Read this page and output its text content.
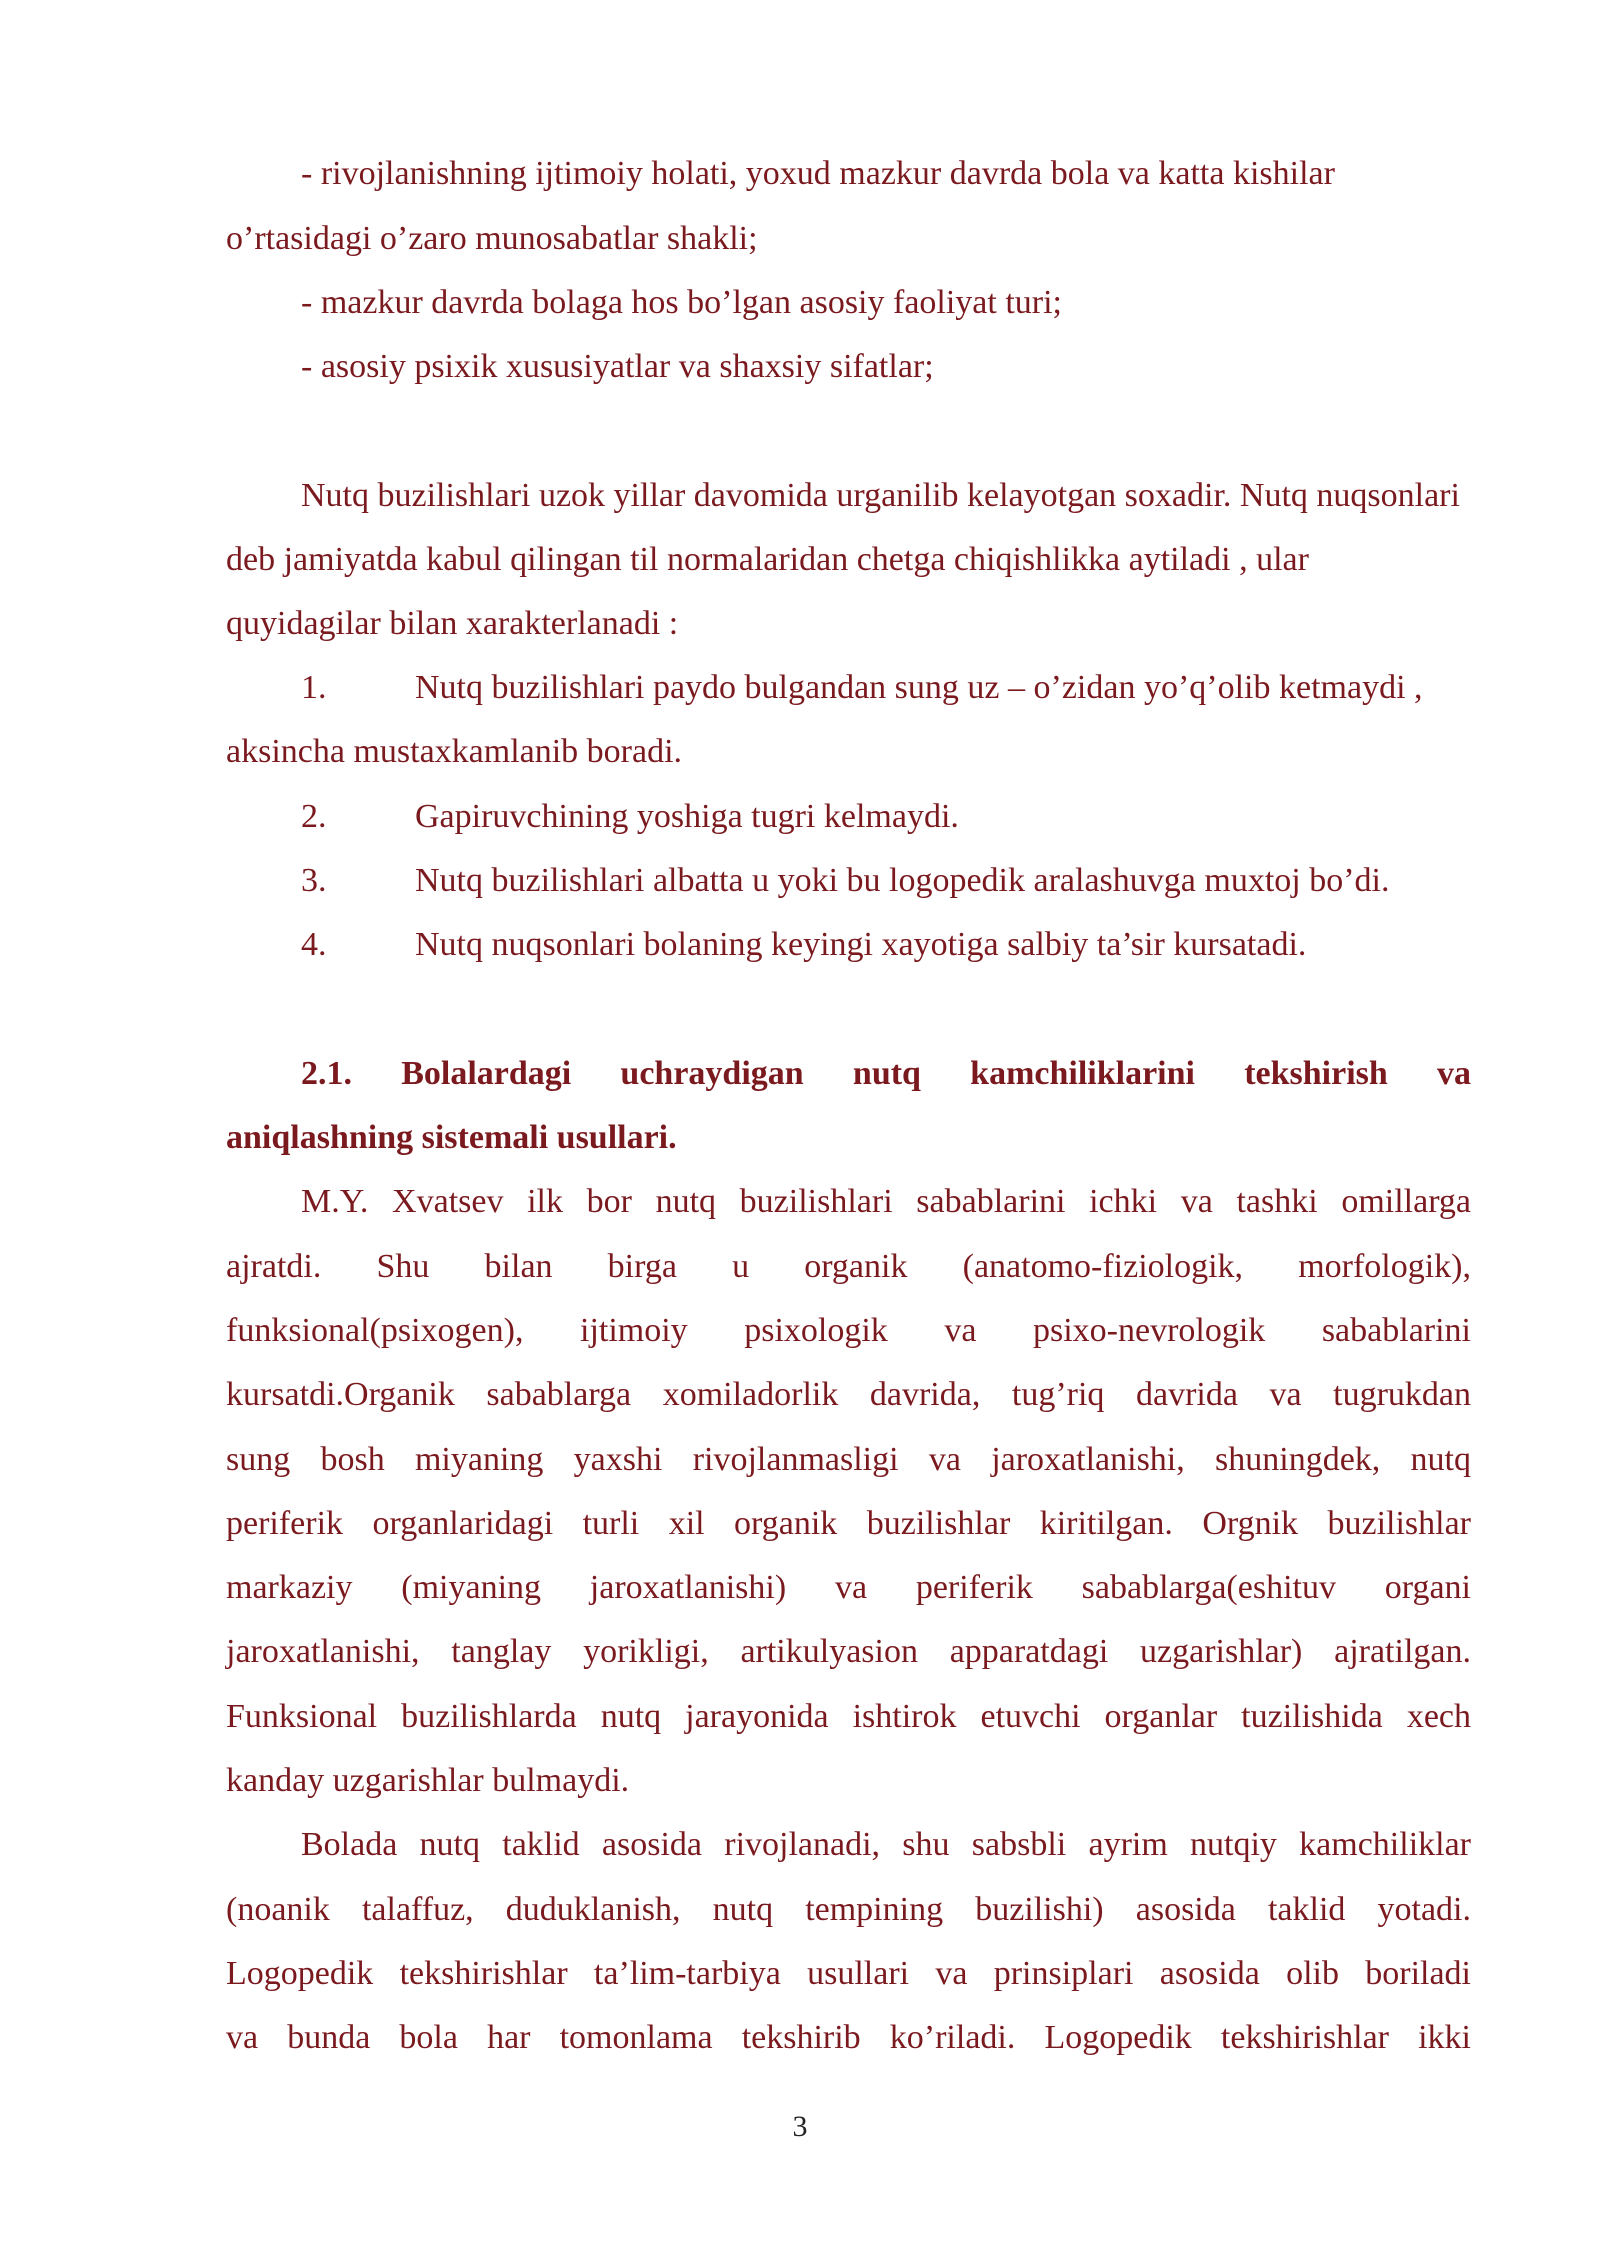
- rivojlanishning ijtimoiy holati, yoxud mazkur davrda bola va katta kishilar
o’rtasidagi o’zaro munosabatlar shakli;
- mazkur davrda bolaga hos bo’lgan asosiy faoliyat turi;
- asosiy psixik xususiyatlar va shaxsiy sifatlar;
Nutq buzilishlari uzok yillar davomida urganilib kelayotgan soxadir. Nutq nuqsonlari
deb jamiyatda kabul qilingan til normalaridan chetga chiqishlikka aytiladi , ular
quyidagilar bilan xarakterlanadi :
1.	Nutq buzilishlari paydo bulgandan sung uz – o’zidan yo’q’olib ketmaydi ,
aksincha mustaxkamlanib boradi.
2.	Gapiruvchining yoshiga tugri kelmaydi.
3.	Nutq buzilishlari albatta u yoki bu logopedik aralashuvga muxtoj bo’di.
4.	Nutq nuqsonlari bolaning keyingi xayotiga salbiy ta’sir kursatadi.
2.1. Bolalardagi uchraydigan nutq kamchiliklarini tekshirish va
aniqlashning sistemali usullari.
M.Y. Xvatsev ilk bor nutq buzilishlari sabablarini ichki va tashki omillarga
ajratdi. Shu bilan birga u organik (anatomo-fiziologik, morfologik),
funksional(psixogen), ijtimoiy psixologik va psixo-nevrologik sabablarini
kursatdi.Organik sabablarga xomiladorlik davrida, tug’riq davrida va tugrukdan
sung bosh miyaning yaxshi rivojlanmasligi va jaroxatlanishi, shuningdek, nutq
periferik organlaridagi turli xil organik buzilishlar kiritilgan. Orgnik buzilishlar
markaziy (miyaning jaroxatlanishi) va periferik sabablarga(eshituv organi
jaroxatlanishi, tanglay yorikligi, artikulyasion apparatdagi uzgarishlar) ajratilgan.
Funksional buzilishlarda nutq jarayonida ishtirok etuvchi organlar tuzilishida xech
kanday uzgarishlar bulmaydi.
Bolada nutq taklid asosida rivojlanadi, shu sabsbli ayrim nutqiy kamchiliklar
(noanik talaffuz, duduklanish, nutq tempining buzilishi) asosida taklid yotadi.
Logopedik tekshirishlar ta’lim-tarbiya usullari va prinsiplari asosida olib boriladi
va bunda bola har tomonlama tekshirib ko’riladi. Logopedik tekshirishlar ikki
3
